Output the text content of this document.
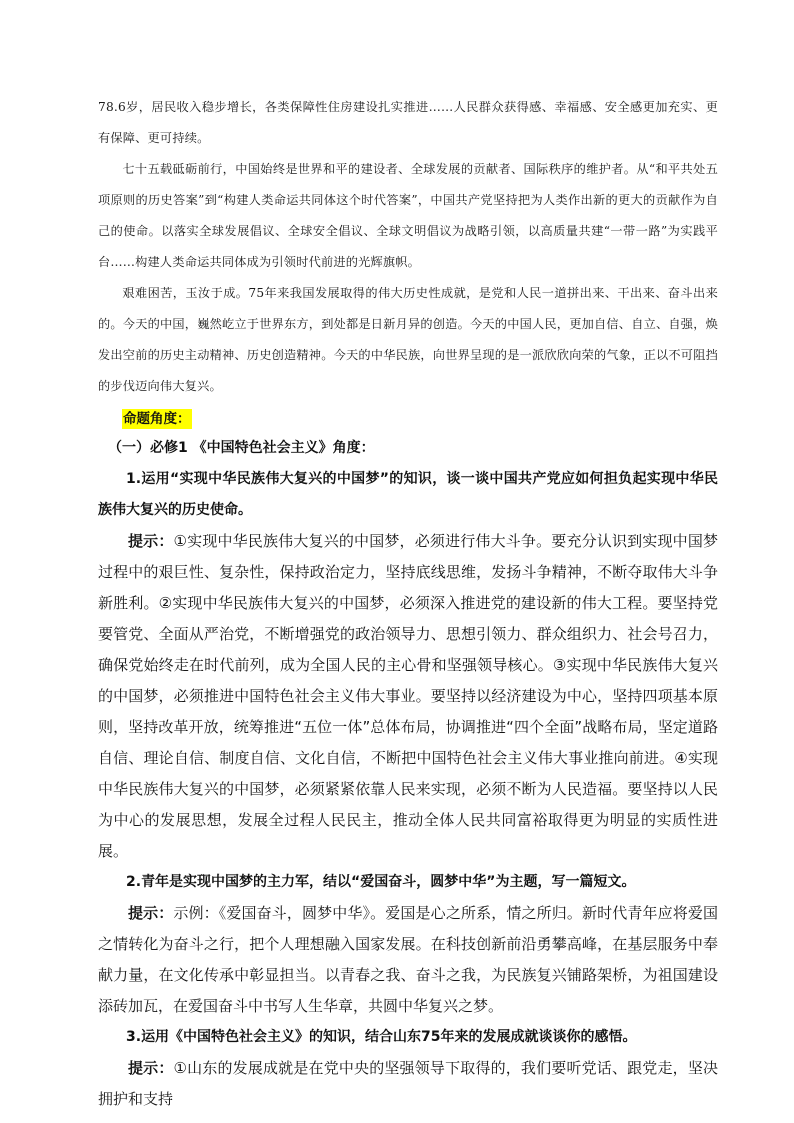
78.6岁，居民收入稳步增长，各类保障性住房建设扎实推进……人民群众获得感、幸福感、安全感更加充实、更有保障、更可持续。

七十五载砥砺前行，中国始终是世界和平的建设者、全球发展的贡献者、国际秩序的维护者。从“和平共处五项原则的历史答案”到“构建人类命运共同体这个时代答案”，中国共产党坚持把为人类作出新的更大的贡献作为自己的使命。以落实全球发展倡议、全球安全倡议、全球文明倡议为战略引领，以高质量共建“一带一路”为实践平台……构建人类命运共同体成为引领时代前进的光辉旗帜。

艰难困苦，玉汝于成。75年来我国发展取得的伟大历史性成就，是党和人民一道拼出来、干出来、奋斗出来的。今天的中国，巍然屹立于世界东方，到处都是日新月异的创造。今天的中国人民，更加自信、自立、自强，焕发出空前的历史主动精神、历史创造精神。今天的中华民族，向世界呈现的是一派欣欣向荣的气象，正以不可阻挡的步伐迈向伟大复兴。

命题角度：

（一）必修1 《中国特色社会主义》角度：

1.运用“实现中华民族伟大复兴的中国梦”的知识，谈一谈中国共产党应如何担负起实现中华民族伟大复兴的历史使命。

提示：①实现中华民族伟大复兴的中国梦，必须进行伟大斗争。要充分认识到实现中国梦过程中的艰巨性、复杂性，保持政治定力，坚持底线思维，发扬斗争精神，不断夺取伟大斗争新胜利。②实现中华民族伟大复兴的中国梦，必须深入推进党的建设新的伟大工程。要坚持党要管党、全面从严治党，不断增强党的政治领导力、思想引领力、群众组织力、社会号召力，确保党始终走在时代前列，成为全国人民的主心骨和坚强领导核心。③实现中华民族伟大复兴的中国梦，必须推进中国特色社会主义伟大事业。要坚持以经济建设为中心，坚持四项基本原则，坚持改革开放，统筹推进“五位一体”总体布局，协调推进“四个全面”战略布局，坚定道路自信、理论自信、制度自信、文化自信，不断把中国特色社会主义伟大事业推向前进。④实现中华民族伟大复兴的中国梦，必须紧紧依靠人民来实现，必须不断为人民造福。要坚持以人民为中心的发展思想，发展全过程人民民主，推动全体人民共同富裕取得更为明显的实质性进展。

2.青年是实现中国梦的主力军，结以“爱国奋斗，圆梦中华”为主题，写一篇短文。

提示：示例：《爱国奋斗，圆梦中华》。爱国是心之所系，情之所归。新时代青年应将爱国之情转化为奋斗之行，把个人理想融入国家发展。在科技创新前沿勇攀高峰，在基层服务中奉献力量，在文化传承中彰显担当。以青春之我、奋斗之我，为民族复兴铺路架桥，为祖国建设添砖加瓦，在爱国奋斗中书写人生华章，共圆中华复兴之梦。

3.运用《中国特色社会主义》的知识，结合山东75年来的发展成就谈谈你的感悟。

提示：①山东的发展成就是在党中央的坚强领导下取得的，我们要听党话、跟党走，坚决拥护和支持
